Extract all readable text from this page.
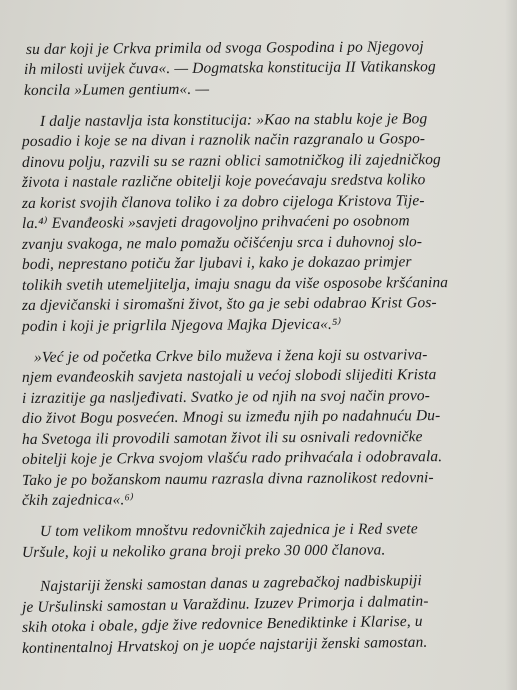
su dar koji je Crkva primila od svoga Gospodina i po Njegovoj
ih milosti uvijek čuva«. — Dogmatska konstitucija II Vatikanskog
koncila »Lumen gentium«. —
I dalje nastavlja ista konstitucija: »Kao na stablu koje je Bog
posadio i koje se na divan i raznolik način razgranalo u Gospo-
dinovu polju, razvili su se razni oblici samotničkog ili zajedničkog
života i nastale različne obitelji koje povećavaju sredstva koliko
za korist svojih članova toliko i za dobro cijeloga Kristova Tije-
la.⁴⁾ Evanđeoski »savjeti dragovoljno prihvaćeni po osobnom
zvanju svakoga, ne malo pomažu očišćenju srca i duhovnoj slo-
bodi, neprestano potiču žar ljubavi i, kako je dokazao primjer
tolikih svetih utemeljitelja, imaju snagu da više osposobe kršćanina
za djevičanski i siromašni život, što ga je sebi odabrao Krist Gos-
podin i koji je prigrlila Njegova Majka Djevica«.⁵⁾
»Već je od početka Crkve bilo muževa i žena koji su ostvariva-
njem evanđeoskih savjeta nastojali u većoj slobodi slijediti Krista
i izrazitije ga nasljeđivati. Svatko je od njih na svoj način provo-
dio život Bogu posvećen. Mnogi su između njih po nadahnuću Du-
ha Svetoga ili provodili samotan život ili su osnivali redovničke
obitelji koje je Crkva svojom vlašću rado prihvaćala i odobravala.
Tako je po božanskom naumu razrasla divna raznolikost redovni-
čkih zajednica«.⁶⁾
U tom velikom mnoštvu redovničkih zajednica je i Red svete
Uršule, koji u nekoliko grana broji preko 30 000 članova.
Najstariji ženski samostan danas u zagrebačkoj nadbiskupiji
je Uršulinski samostan u Varaždinu. Izuzev Primorja i dalmatin-
skih otoka i obale, gdje žive redovnice Benediktinke i Klarise, u
kontinentalnoj Hrvatskoj on je uopće najstariji ženski samostan.
